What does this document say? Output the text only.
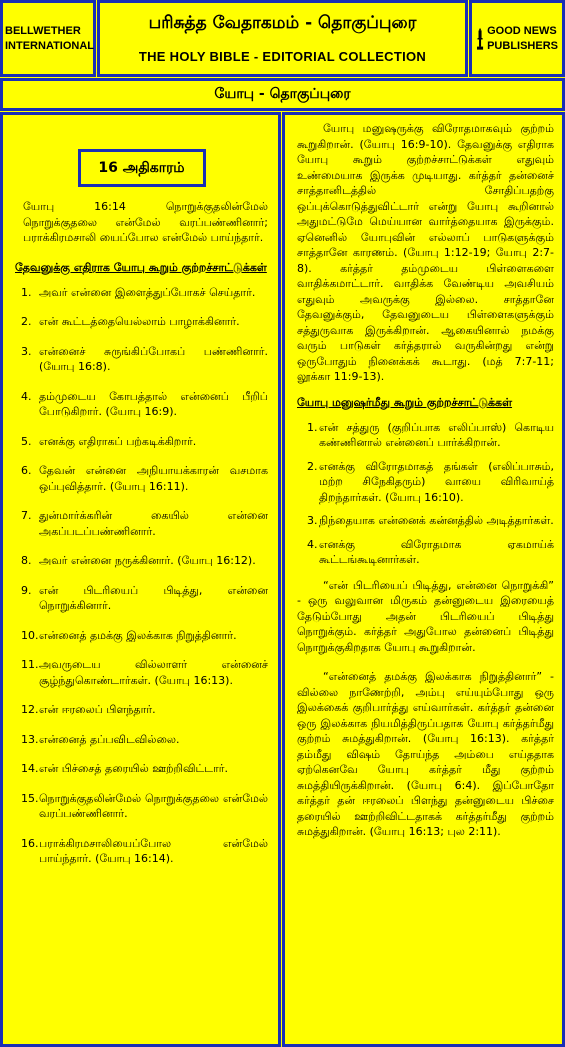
BELLWETHER
INTERNATIONAL
பரிசுத்த வேதாகமம் - தொகுப்புரை
THE HOLY BIBLE - EDITORIAL COLLECTION
GOOD NEWS
PUBLISHERS
யோபு - தொகுப்புரை
16 அதிகாரம்

யோபு 16:14 நொறுக்குதலின்மேல் நொறுக்குதலை என்மேல் வரப்பண்ணினார்; பராக்கிரமசாலி யைப்போல என்மேல் பாய்ந்தார்.

தேவனுக்கு எதிராக யோபு கூறும் குற்றச்சாட்டுக்கள்
1. அவர் என்னை இளைத்துப்போகச் செய்தார்.
2. என் கூட்டத்தையெல்லாம் பாழாக்கினார்.
3. என்னைச் சுருங்கிப்போகப் பண்ணினார். (யோபு 16:8).
4. தம்முடைய கோபத்தால் என்னைப் பீறிப் போடுகிறார். (யோபு 16:9).
5. எனக்கு எதிராகப் பற்கடிக்கிறார்.
6. தேவன் என்னை அநியாயக்காரன் வசமாக ஒப்புவித்தார். (யோபு 16:11).
7. துன்மார்க்கரின் கையில் என்னை அகப்படப்பண்ணினார்.
8. அவர் என்னை நருக்கினார். (யோபு 16:12).
9. என் பிடரியைப் பிடித்து, என்னை நொறுக்கினார்.
10. என்னைத் தமக்கு இலக்காக நிறுத்தினார்.
11. அவருடைய வில்லாளர் என்னைச் சூழ்ந்துகொண்டார்கள். (யோபு 16:13).
12. என் ஈரலைப் பிளந்தார்.
13. என்னைத் தப்பவிடவில்லை.
14. என் பிச்சைத் தரையில் ஊற்றிவிட்டார்.
15. நொறுக்குதலின்மேல் நொறுக்குதலை என்மேல் வரப்பண்ணினார்.
16. பராக்கிரமசாலியைப்போல என்மேல் பாய்ந்தார். (யோபு 16:14).

யோபு மனுஷருக்கு விரோதமாகவும் குற்றம் கூறுகிறான். (யோபு 16:9-10). தேவனுக்கு எதிராக யோபு கூறும் குற்றச்சாட்டுக்கள் எதுவும் உண்மையாக இருக்க முடியாது. கர்த்தர் தன்னைச் சாத்தானிடத்தில் சோதிப்பதற்கு ஒப்புக்கொடுத்துவிட்டார் என்று யோபு கூறினால் அதுமட்டுமே மெய்யான வார்த்தையாக இருக்கும். ஏனெனில் யோபுவின் எல்லாப் பாடுகளுக்கும் சாத்தானே காரணம். (யோபு 1:12-19; யோபு 2:7-8). கர்த்தர் தம்முடைய பிள்ளைகளை வாதிக்கமாட்டார். வாதிக்க வேண்டிய அவசியம் எதுவும் அவருக்கு இல்லை. சாத்தானே தேவனுக்கும், தேவனுடைய பிள்ளைகளுக்கும் சத்துருவாக இருக்கிறான். ஆகையினால் நமக்கு வரும் பாடுகள் கர்த்தரால் வருகின்றது என்று ஒருபோதும் நினைக்கக் கூடாது. (மத் 7:7-11; லூக்கா 11:9-13).

யோபு மனுஷர்மீது கூறும் குற்றச்சாட்டுக்கள்
1. என் சத்துரு (குறிப்பாக எலிப்பாஸ்) கொடிய கண்ணினால் என்னைப் பார்க்கிறான்.
2. எனக்கு விரோதமாகத் தங்கள் (எலிப்பாசும், மற்ற சிநேகிதரும்) வாயை விரிவாய்த் திறந்தார்கள். (யோபு 16:10).
3. நிந்தையாக என்னைக் கன்னத்தில் அடித்தார்கள்.
4. எனக்கு விரோதமாக ஏகமாய்க் கூட்டங்கூடினார்கள்.

“என் பிடரியைப் பிடித்து, என்னை நொறுக்கி” - ஒரு வலுவான மிருகம் தன்னுடைய இரையைத் தேடும்போது அதன் பிடரியைப் பிடித்து நொறுக்கும். கர்த்தர் அதுபோல தன்னைப் பிடித்து நொறுக்குகிறதாக யோபு கூறுகிறான்.

“என்னைத் தமக்கு இலக்காக நிறுத்தினார்” - வில்லை நாணேற்றி, அம்பு எய்யும்போது ஒரு இலக்கைக் குறிபார்த்து எய்வார்கள். கர்த்தர் தன்னை ஒரு இலக்காக நியமித்திருப்பதாக யோபு கர்த்தர்மீது குற்றம் சுமத்துகிறான். (யோபு 16:13). கர்த்தர் தம்மீது விஷம் தோய்ந்த அம்பை எய்ததாக ஏற்கெனவே யோபு கர்த்தர் மீது குற்றம் சுமத்தியிருக்கிறான். (யோபு 6:4). இப்போதோ கர்த்தர் தன் ஈரலைப் பிளந்து தன்னுடைய பிச்சை தரையில் ஊற்றிவிட்டதாகக் கர்த்தர்மீது குற்றம் சுமத்துகிறான். (யோபு 16:13; புல 2:11).
